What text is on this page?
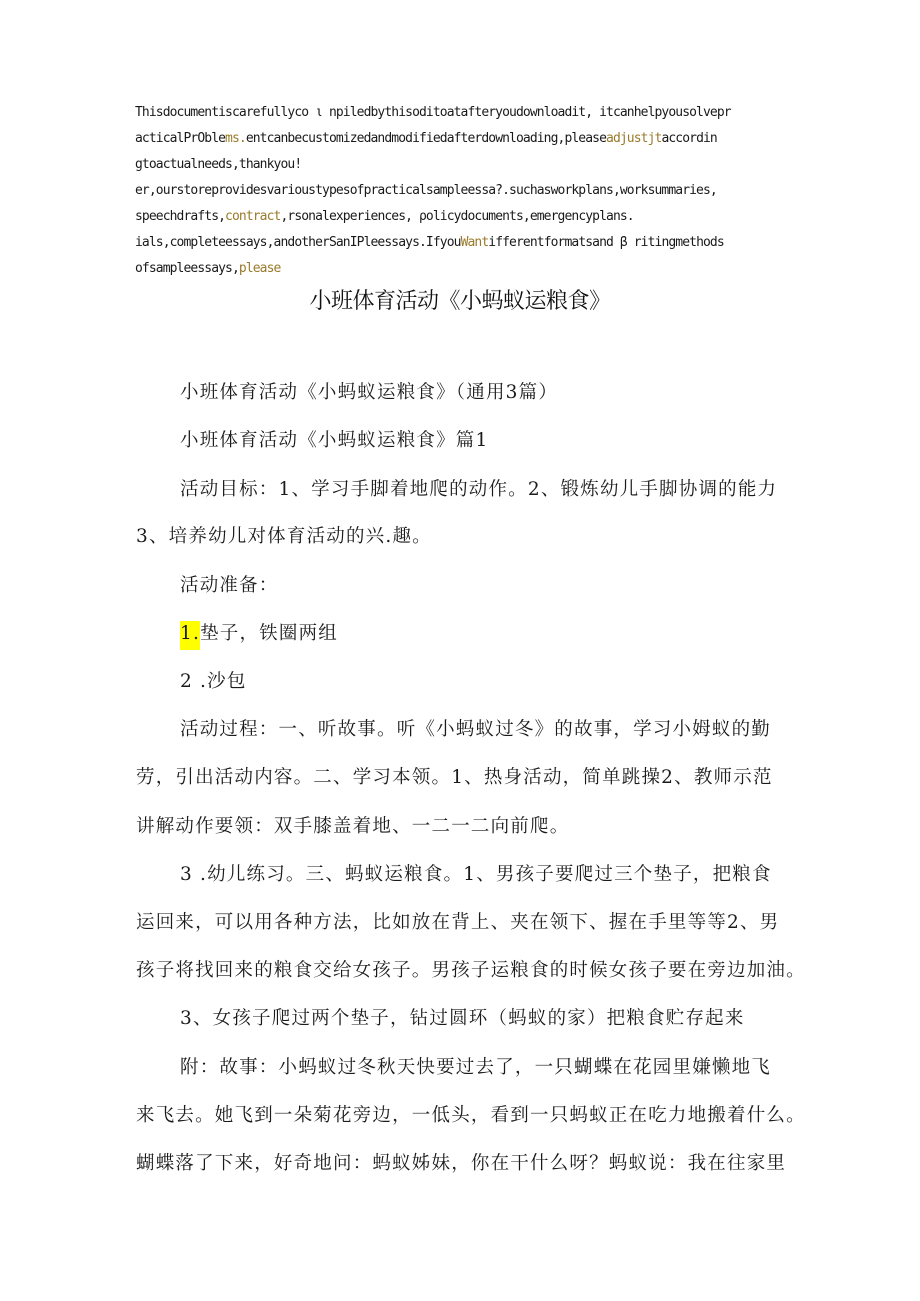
Thisdocumentiscarefullyco ι npiledbythisoditoatafteryoudownloadit, itcanhelpyousolvepr
acticalPrOblems.entcanbecustomizedandmodifiedafterdownloading,pleaseadjustjtaccordin
gtoactualneeds,thankyou!
er,ourstoreprovidesvarioustypesofpracticalsampleessa?.suchasworkplans,worksummaries,
speechdrafts,contract,rsonalexperiences, ρolicydocuments,emergencyplans.
ials,completeessays,andotherSanIPleessays.IfyouWantifferentformatsand β ritingmethods
ofsampleessays,please
小班体育活动《小蚂蚁运粮食》
小班体育活动《小蚂蚁运粮食》（通用3篇）
小班体育活动《小蚂蚁运粮食》篇1
活动目标：1、学习手脚着地爬的动作。2、锻炼幼儿手脚协调的能力
3、培养幼儿对体育活动的兴.趣。
活动准备：
1.垫子，铁圈两组
2 .沙包
活动过程：一、听故事。听《小蚂蚁过冬》的故事，学习小姆蚁的勤
劳，引出活动内容。二、学习本领。1、热身活动，简单跳操2、教师示范
讲解动作要领：双手膝盖着地、一二一二向前爬。
3 .幼儿练习。三、蚂蚁运粮食。1、男孩子要爬过三个垫子，把粮食
运回来，可以用各种方法，比如放在背上、夹在领下、握在手里等等2、男
孩子将找回来的粮食交给女孩子。男孩子运粮食的时候女孩子要在旁边加油。
3、女孩子爬过两个垫子，钻过圆环（蚂蚁的家）把粮食贮存起来
附：故事：小蚂蚁过冬秋天快要过去了，一只蝴蝶在花园里嫌懒地飞
来飞去。她飞到一朵菊花旁边，一低头，看到一只蚂蚁正在吃力地搬着什么。
蝴蝶落了下来，好奇地问：蚂蚁姊妹，你在干什么呀？蚂蚁说：我在往家里
